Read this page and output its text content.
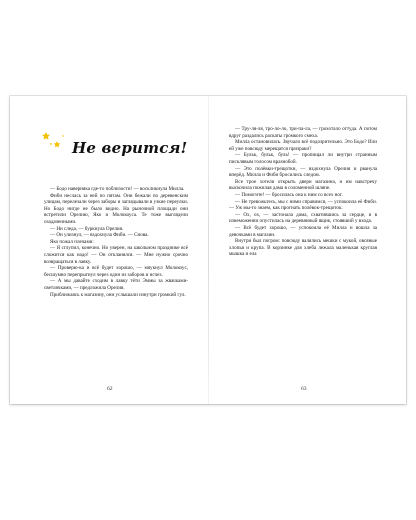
Не верится!

— Бодо наверняка где-то поблизости! — воскликнула Милла.

Фиби неслась за ней по пятам. Они бежали по деревенским улицам, перелезали через заборы и заглядывали в узкие переулки. Но Бодо нигде не было видно. На рыночной площади они встретили Орелию, Яко и Молокоуса. Те тоже выглядели озадаченными.

— Ни следа, — буркнула Орелия.

— Он улизнул, — вздохнула Фиби. — Снова.

Яко пожал плечами:

— Я сглупил, конечно. Но уверен, на школьном празднике всё сложится как надо! — Он откланялся. — Мне нужно срочно возвращаться в лавку.

— Проверю-ка и всё будет хорошо, — мяукнул Молокоус, бесшумно перепрыгнул через один из заборов и исчез.

— А мы давайте сходим в лавку тёти Эммы за жвачками-светлячками, — предложила Орелия.

Приближаясь к магазину, они услышали изнутри громкий гул.

62

— Тру-ля-ля, тро-ло-ло, три-па-ла, — грохотало оттуда. А потом вдруг раздались раскаты громкого смеха.

Милла остановилась. Звучало всё подозрительно. Это Бодо? Или ей уже повсюду мерещатся призраки?

— Бульк, бульк, буль! — пропищал ли внутри странным писклявым голосом вразнобой.

— Это полёвки-трещотки, — вздохнула Орелия и рванула вперёд. Милла и Фиби бросились следом.

Все трое хотели открыть двери магазина, и им навстречу выскочила пожилая дама в соломенной шляпе.

— Помогите! — бросилась она к ним со всех ног.

— Не тревожьтесь, мы с ними справимся, — успокоила её Фиби. — Уж мы-то знаем, как прогнать полёвок-трещоток.

— Ох, ох, — застонала дама, схватившись за сердце, и в изнеможении опустилась на деревянный ящик, стоявший у входа.

— Всё будет хорошо, — успокоила её Милла и вошла за девочками в магазин.

Внутри был погром: повсюду валялись мешки с мукой, овсяные хлопья и крупа. В корзинке для хлеба лежала маленькая круглая мышка и ела

63
